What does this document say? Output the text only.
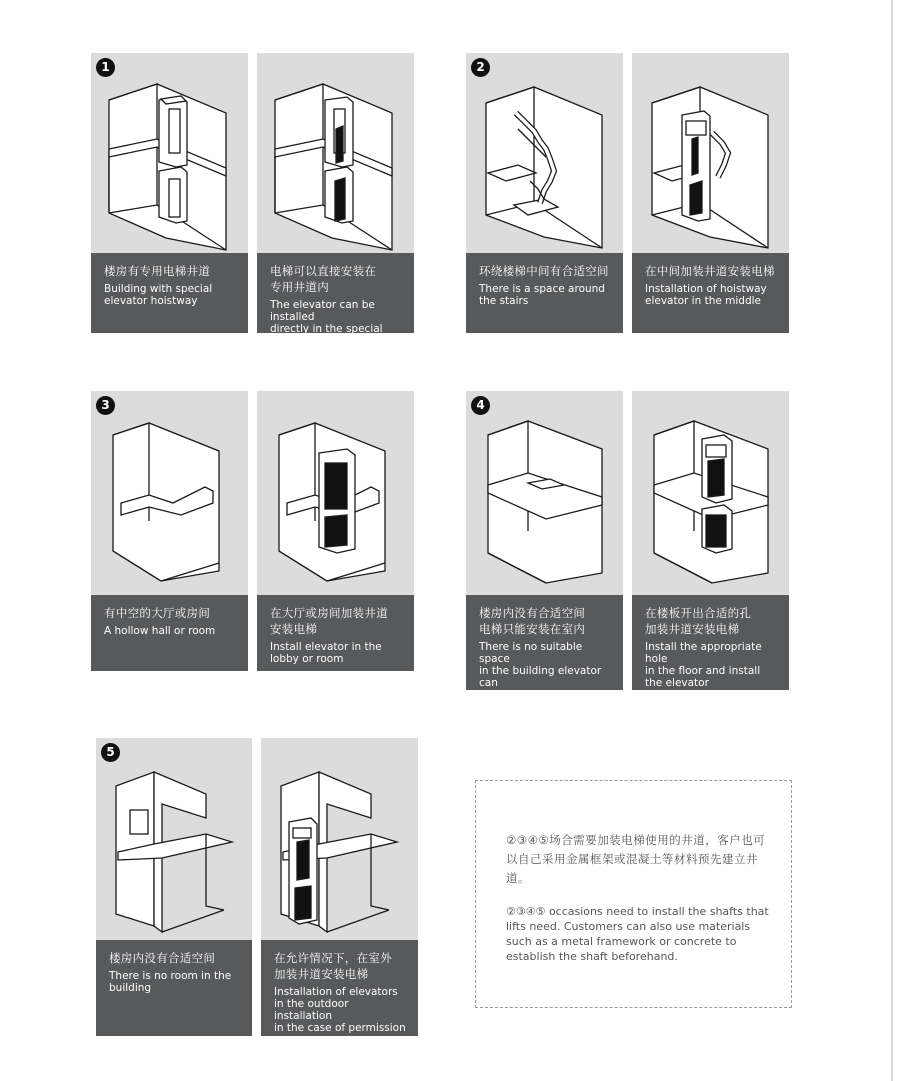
楼房有专用电梯井道
Building with special
elevator hoistway
1
电梯可以直接安装在
专用井道内
The elevator can be installed
directly in the special well
环绕楼梯中间有合适空间
There is a space around
the stairs
2
在中间加装井道安装电梯
Installation of hoistway
elevator in the middle
有中空的大厅或房间
A hollow hall or room
3
在大厅或房间加装井道
安装电梯
Install elevator in the
lobby or room
楼房内没有合适空间
电梯只能安装在室内
There is no suitable space
in the building elevator can
only be installed indoors
4
在楼板开出合适的孔
加装井道安装电梯
Install the appropriate hole
in the floor and install
the elevator
楼房内没有合适空间
There is no room in the
building
5
在允许情况下，在室外
加装井道安装电梯
Installation of elevators
in the outdoor installation
in the case of permission
②③④⑤场合需要加装电梯使用的井道，客户也可以自己采用金属框架或混凝土等材料预先建立井道。
②③④⑤ occasions need to install the shafts that lifts need. Customers can also use materials such as a metal framework or concrete to establish the shaft beforehand.
